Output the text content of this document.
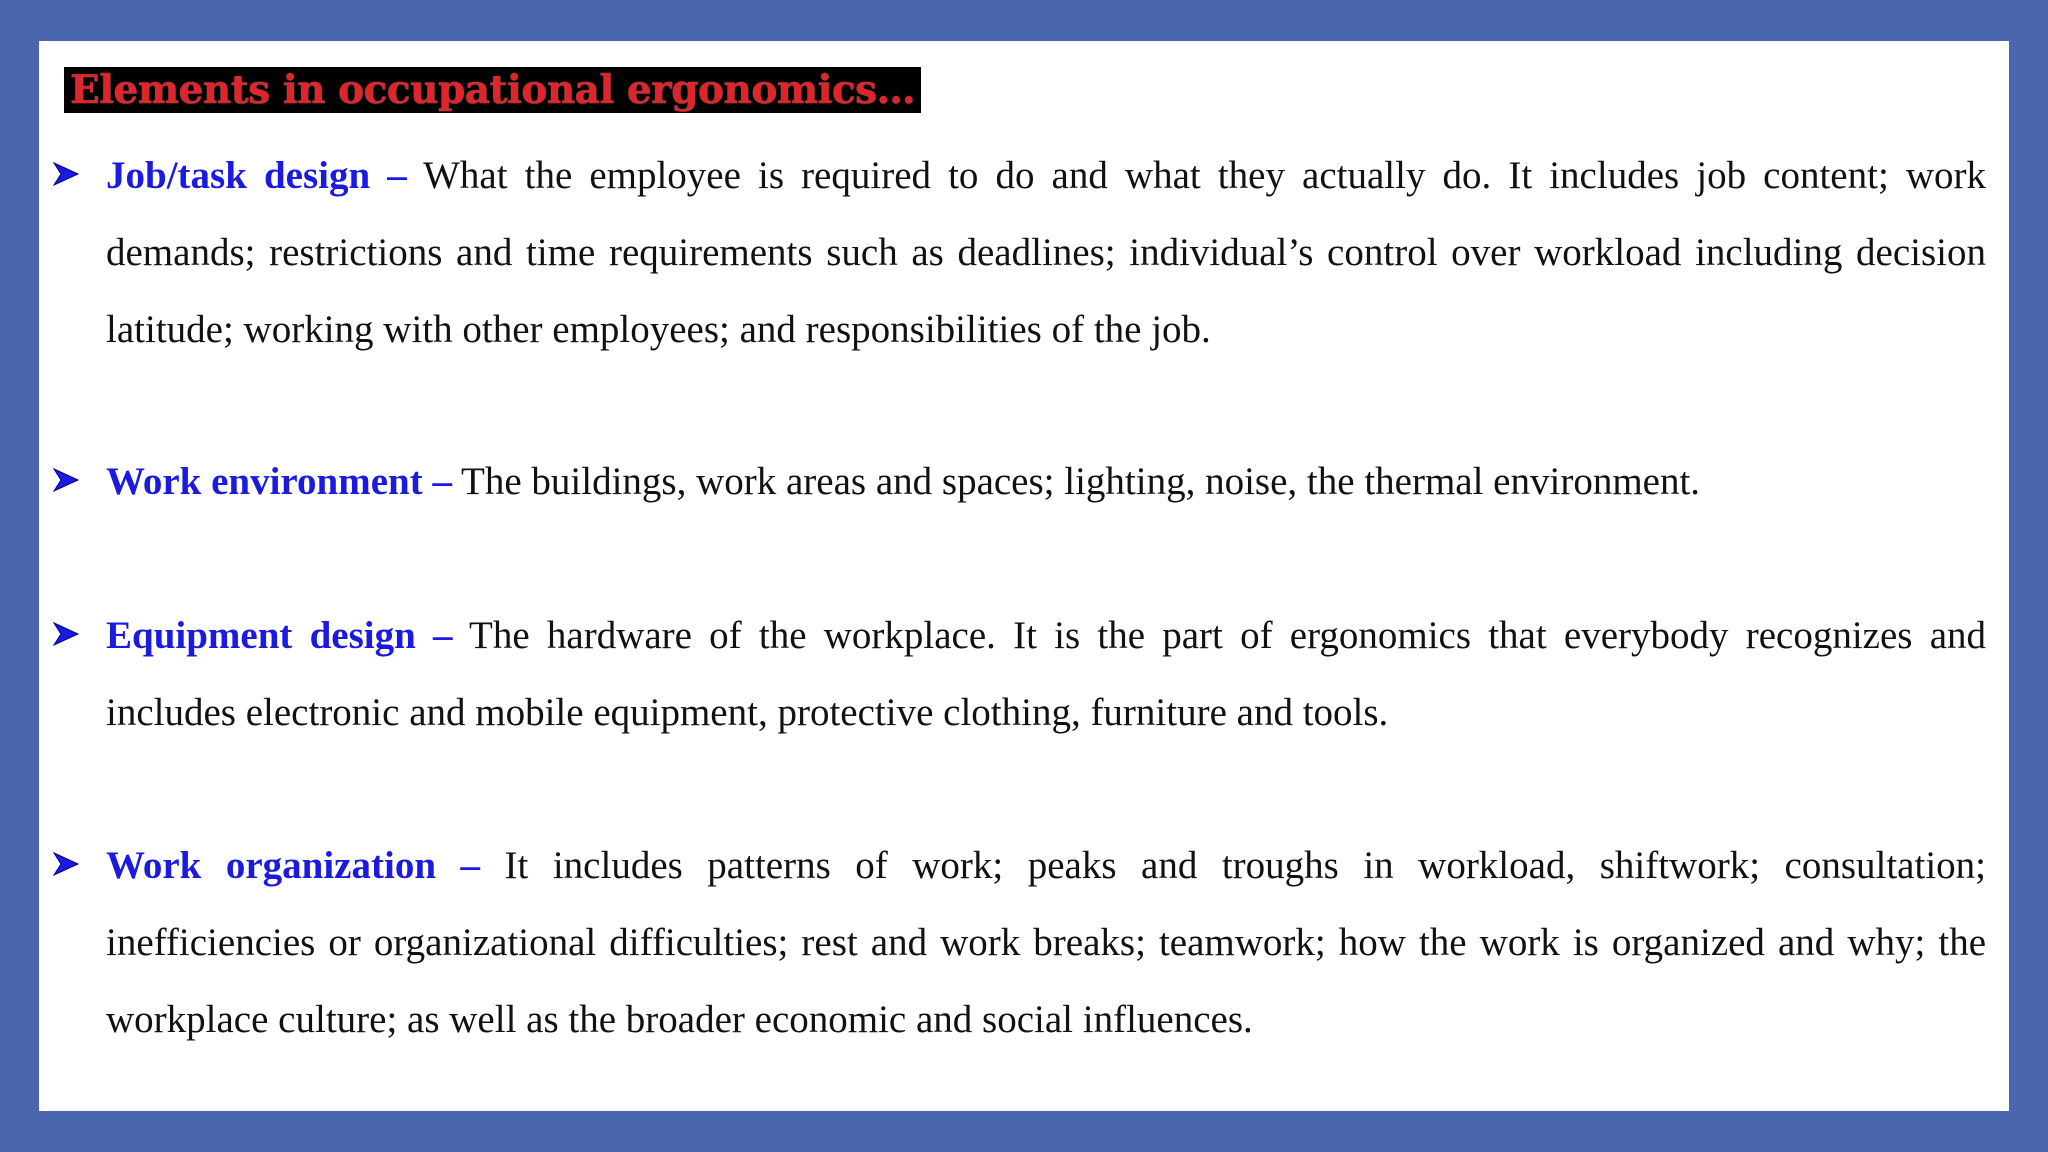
Elements in occupational ergonomics…
Job/task design – What the employee is required to do and what they actually do. It includes job content; work demands; restrictions and time requirements such as deadlines; individual’s control over workload including decision latitude; working with other employees; and responsibilities of the job.
Work environment – The buildings, work areas and spaces; lighting, noise, the thermal environment.
Equipment design – The hardware of the workplace. It is the part of ergonomics that everybody recognizes and includes electronic and mobile equipment, protective clothing, furniture and tools.
Work organization – It includes patterns of work; peaks and troughs in workload, shiftwork; consultation; inefficiencies or organizational difficulties; rest and work breaks; teamwork; how the work is organized and why; the workplace culture; as well as the broader economic and social influences.
